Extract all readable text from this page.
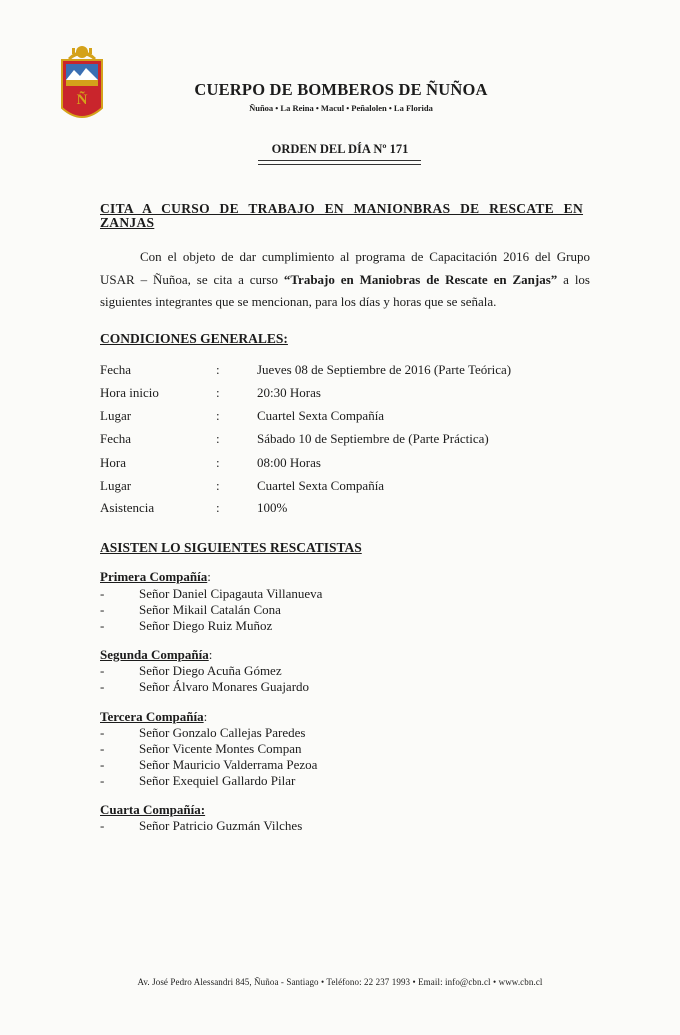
Ñ
CUERPO DE BOMBEROS DE ÑUÑOA
Ñuñoa • La Reina • Macul • Peñalolen • La Florida
ORDEN DEL DÍA Nº 171
CITA A CURSO DE TRABAJO EN MANIONBRAS DE RESCATE EN ZANJAS
Con el objeto de dar cumplimiento al programa de Capacitación 2016 del Grupo USAR – Ñuñoa, se cita a curso “Trabajo en Maniobras de Rescate en Zanjas” a los siguientes integrantes que se mencionan, para los días y horas que se señala.
CONDICIONES GENERALES:
Fecha	:	Jueves 08 de Septiembre de 2016 (Parte Teórica)
Hora inicio	:	20:30 Horas
Lugar	:	Cuartel Sexta Compañía
Fecha	:	Sábado 10 de Septiembre de (Parte Práctica)
Hora	:	08:00 Horas
Lugar	:	Cuartel Sexta Compañía
Asistencia	:	100%
ASISTEN LO SIGUIENTES RESCATISTAS
Primera Compañía:
-	Señor Daniel Cipagauta Villanueva
-	Señor Mikail Catalán Cona
-	Señor Diego Ruiz Muñoz
Segunda Compañía:
-	Señor Diego Acuña Gómez
-	Señor Álvaro Monares Guajardo
Tercera Compañía:
-	Señor Gonzalo Callejas Paredes
-	Señor Vicente Montes Compan
-	Señor Mauricio Valderrama Pezoa
-	Señor Exequiel Gallardo Pilar
Cuarta Compañía:
-	Señor Patricio Guzmán Vilches
Av. José Pedro Alessandri 845, Ñuñoa - Santiago • Teléfono: 22 237 1993 • Email: info@cbn.cl • www.cbn.cl
